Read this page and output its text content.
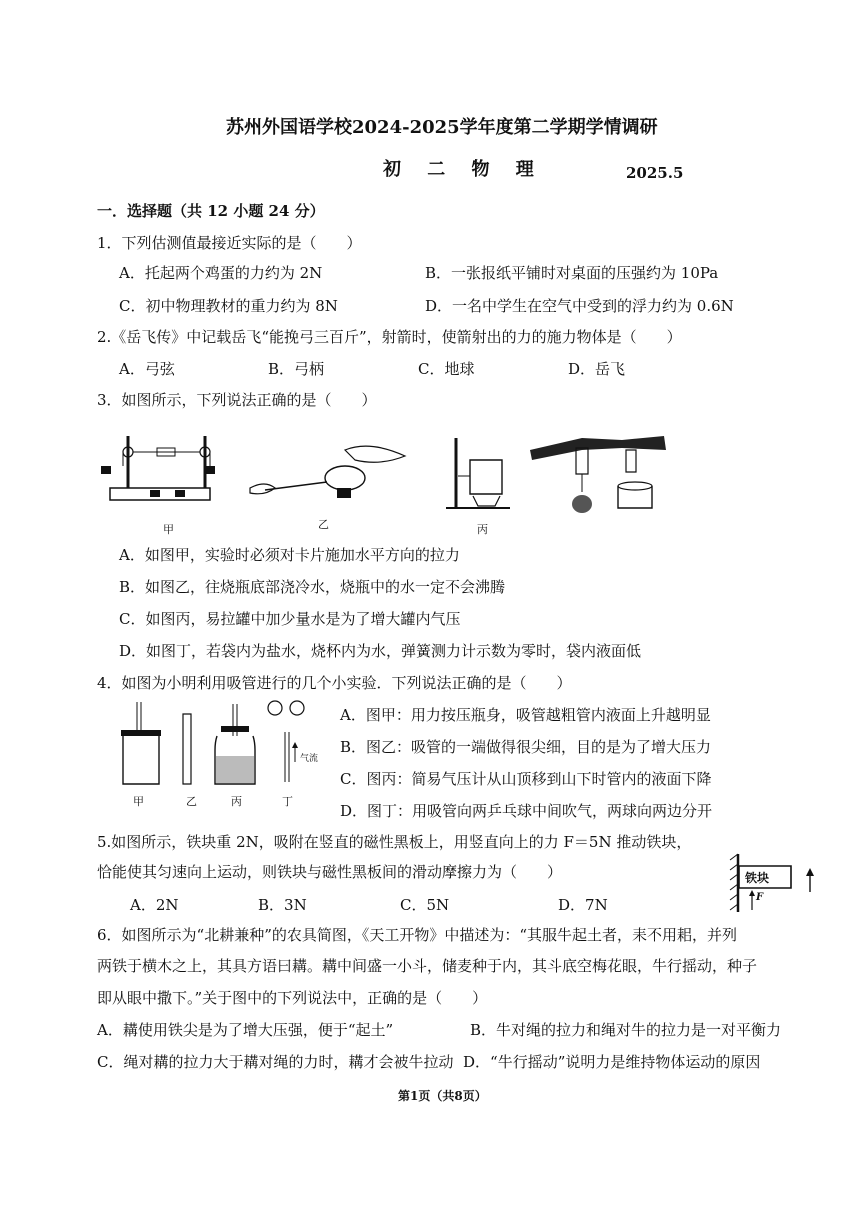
苏州外国语学校2024-2025学年度第二学期学情调研
初 二 物 理	2025.5
一．选择题（共 12 小题 24 分）
1．下列估测值最接近实际的是（　　）
A．托起两个鸡蛋的力约为 2N	B．一张报纸平铺时对桌面的压强约为 10Pa
C．初中物理教材的重力约为 8N	D．一名中学生在空气中受到的浮力约为 0.6N
2.《岳飞传》中记载岳飞“能挽弓三百斤”，射箭时，使箭射出的力的施力物体是（　　）
A．弓弦	B．弓柄	C．地球	D．岳飞
3．如图所示，下列说法正确的是（　　）
甲	乙	丙
A．如图甲，实验时必须对卡片施加水平方向的拉力
B．如图乙，往烧瓶底部浇冷水，烧瓶中的水一定不会沸腾
C．如图丙，易拉罐中加少量水是为了增大罐内气压
D．如图丁，若袋内为盐水，烧杯内为水，弹簧测力计示数为零时，袋内液面低
4．如图为小明利用吸管进行的几个小实验．下列说法正确的是（　　）
气流
甲	乙	丙	丁
A．图甲：用力按压瓶身，吸管越粗管内液面上升越明显
B．图乙：吸管的一端做得很尖细，目的是为了增大压力
C．图丙：简易气压计从山顶移到山下时管内的液面下降
D．图丁：用吸管向两乒乓球中间吹气，两球向两边分开
5.如图所示，铁块重 2N，吸附在竖直的磁性黑板上，用竖直向上的力 F＝5N 推动铁块，
恰能使其匀速向上运动，则铁块与磁性黑板间的滑动摩擦力为（　　）
A．2N	B．3N	C．5N	D．7N
铁块
F
6．如图所示为“北耕兼种”的农具简图，《天工开物》中描述为：“其服牛起土者，耒不用耜，并列
两铁于横木之上，其具方语曰耩。耩中间盛一小斗，储麦种于内，其斗底空梅花眼，牛行摇动，种子
即从眼中撒下。”关于图中的下列说法中，正确的是（　　）
A．耩使用铁尖是为了增大压强，便于“起土”	B．牛对绳的拉力和绳对牛的拉力是一对平衡力
C．绳对耩的拉力大于耩对绳的力时，耩才会被牛拉动 D．“牛行摇动”说明力是维持物体运动的原因
第1页（共8页）
